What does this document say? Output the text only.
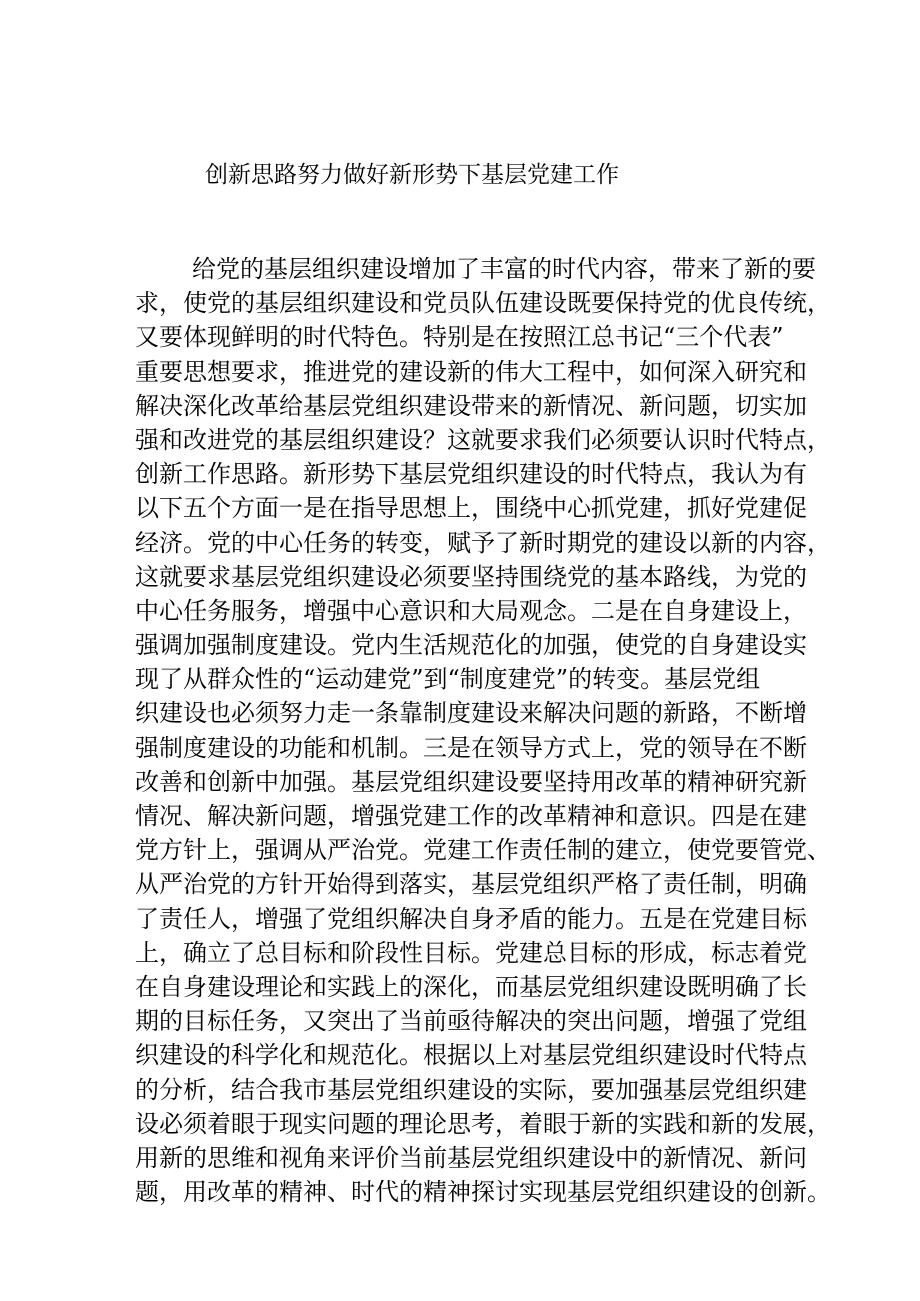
创新思路努力做好新形势下基层党建工作
给党的基层组织建设增加了丰富的时代内容，带来了新的要
求，使党的基层组织建设和党员队伍建设既要保持党的优良传统，
又要体现鲜明的时代特色。特别是在按照江总书记“三个代表”
重要思想要求，推进党的建设新的伟大工程中，如何深入研究和
解决深化改革给基层党组织建设带来的新情况、新问题，切实加
强和改进党的基层组织建设？这就要求我们必须要认识时代特点，
创新工作思路。新形势下基层党组织建设的时代特点，我认为有
以下五个方面一是在指导思想上，围绕中心抓党建，抓好党建促
经济。党的中心任务的转变，赋予了新时期党的建设以新的内容，
这就要求基层党组织建设必须要坚持围绕党的基本路线，为党的
中心任务服务，增强中心意识和大局观念。二是在自身建设上，
强调加强制度建设。党内生活规范化的加强，使党的自身建设实
现了从群众性的“运动建党”到“制度建党”的转变。基层党组
织建设也必须努力走一条靠制度建设来解决问题的新路，不断增
强制度建设的功能和机制。三是在领导方式上，党的领导在不断
改善和创新中加强。基层党组织建设要坚持用改革的精神研究新
情况、解决新问题，增强党建工作的改革精神和意识。四是在建
党方针上，强调从严治党。党建工作责任制的建立，使党要管党、
从严治党的方针开始得到落实，基层党组织严格了责任制，明确
了责任人，增强了党组织解决自身矛盾的能力。五是在党建目标
上，确立了总目标和阶段性目标。党建总目标的形成，标志着党
在自身建设理论和实践上的深化，而基层党组织建设既明确了长
期的目标任务，又突出了当前亟待解决的突出问题，增强了党组
织建设的科学化和规范化。根据以上对基层党组织建设时代特点
的分析，结合我市基层党组织建设的实际，要加强基层党组织建
设必须着眼于现实问题的理论思考，着眼于新的实践和新的发展，
用新的思维和视角来评价当前基层党组织建设中的新情况、新问
题，用改革的精神、时代的精神探讨实现基层党组织建设的创新。
